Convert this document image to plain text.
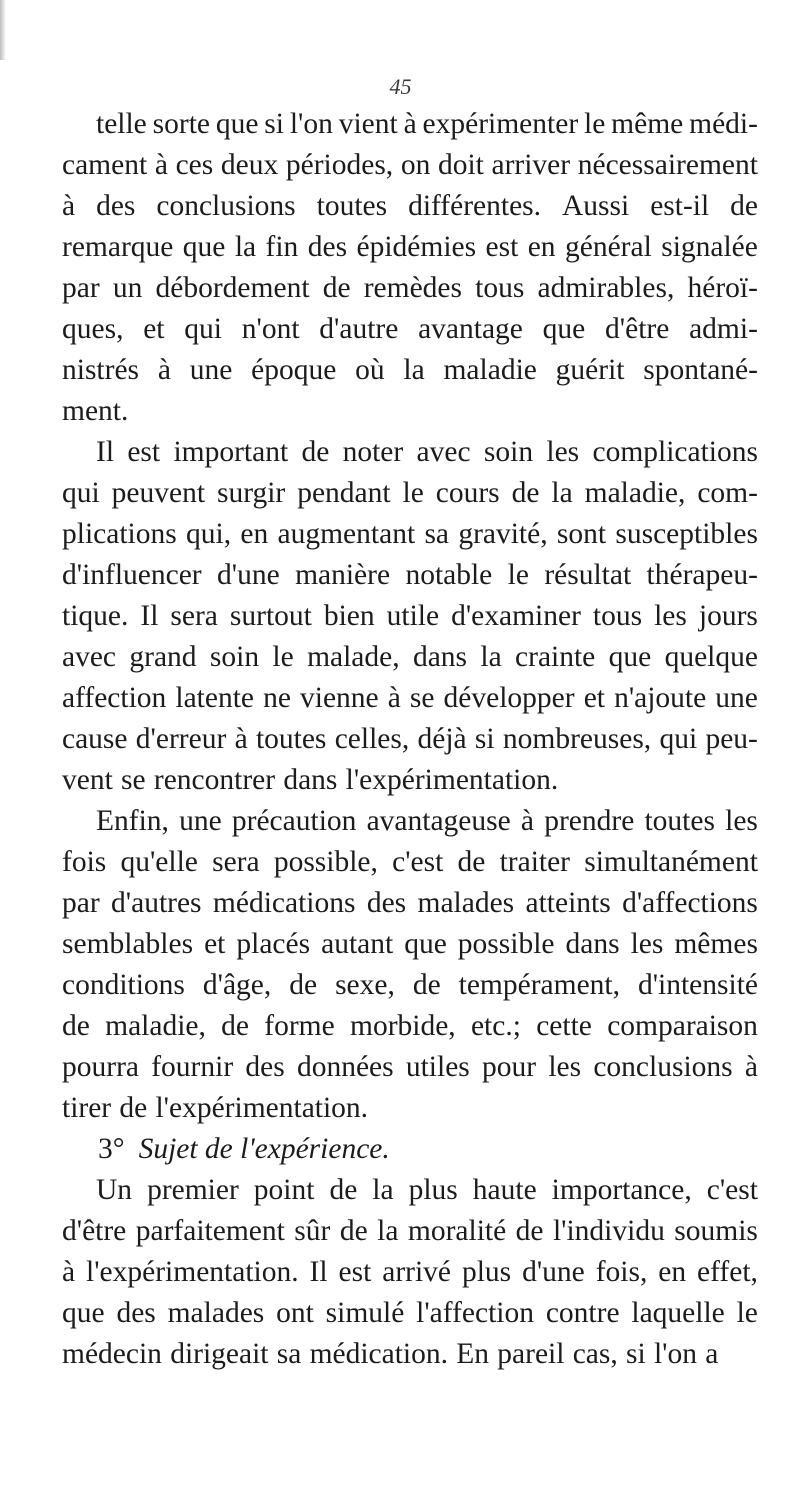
45
telle sorte que si l'on vient à expérimenter le même médi-
cament à ces deux périodes, on doit arriver nécessairement
à des conclusions toutes différentes. Aussi est-il de
remarque que la fin des épidémies est en général signalée
par un débordement de remèdes tous admirables, héroï-
ques, et qui n'ont d'autre avantage que d'être admi-
nistrés à une époque où la maladie guérit spontané-
ment.
Il est important de noter avec soin les complications
qui peuvent surgir pendant le cours de la maladie, com-
plications qui, en augmentant sa gravité, sont susceptibles
d'influencer d'une manière notable le résultat thérapeu-
tique. Il sera surtout bien utile d'examiner tous les jours
avec grand soin le malade, dans la crainte que quelque
affection latente ne vienne à se développer et n'ajoute une
cause d'erreur à toutes celles, déjà si nombreuses, qui peu-
vent se rencontrer dans l'expérimentation.
Enfin, une précaution avantageuse à prendre toutes les
fois qu'elle sera possible, c'est de traiter simultanément
par d'autres médications des malades atteints d'affections
semblables et placés autant que possible dans les mêmes
conditions d'âge, de sexe, de tempérament, d'intensité
de maladie, de forme morbide, etc.; cette comparaison
pourra fournir des données utiles pour les conclusions à
tirer de l'expérimentation.
3° Sujet de l'expérience.
Un premier point de la plus haute importance, c'est
d'être parfaitement sûr de la moralité de l'individu soumis
à l'expérimentation. Il est arrivé plus d'une fois, en effet,
que des malades ont simulé l'affection contre laquelle le
médecin dirigeait sa médication. En pareil cas, si l'on a
